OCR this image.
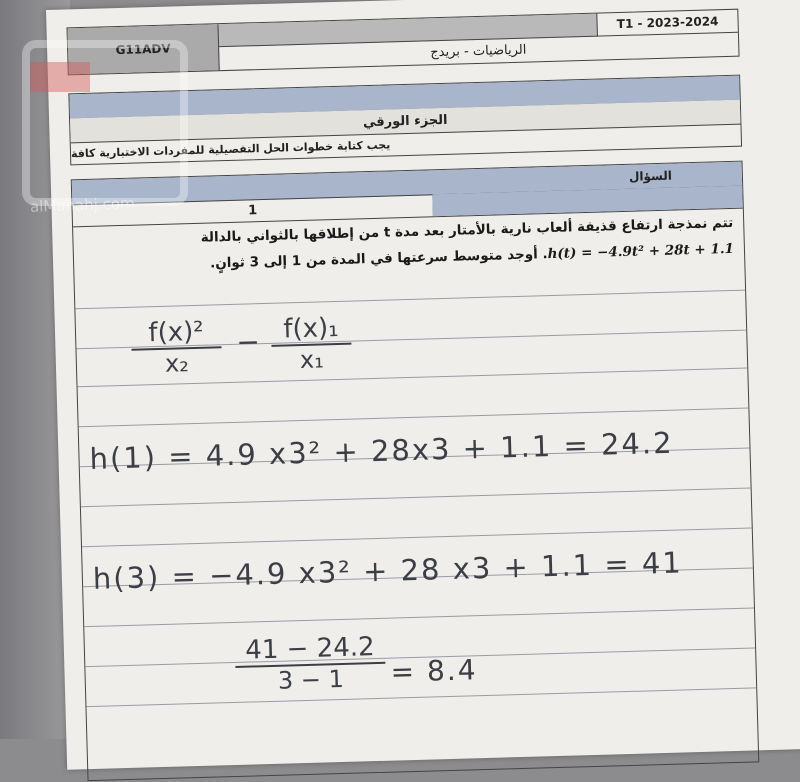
T1 - 2023-2024
G11ADV	الرياضيات - بريدج
الجزء الورقي
يجب كتابة خطوات الحل التفصيلية للمفردات الاختبارية كافة
السؤال
1
تتم نمذجة ارتفاع قذيفة ألعاب نارية بالأمتار بعد مدة t من إطلاقها بالثواني بالدالة
h(t) = −4.9t² + 28t + 1.1. أوجد متوسط سرعتها في المدة من 1 إلى 3 ثوانٍ.
$\frac{\text{f(x)²}}{\text{x₂}} - \frac{\text{f(x)₁}}{\text{x₁}}$
h(1) = 4.9 x3² + 28x3 + 1.1 = 24.2
h(3) = −4.9 x3² + 28 x3 + 1.1 = 41
$\frac{41 - 24.2}{3 - 1} = 8.4$
alManahj.com
